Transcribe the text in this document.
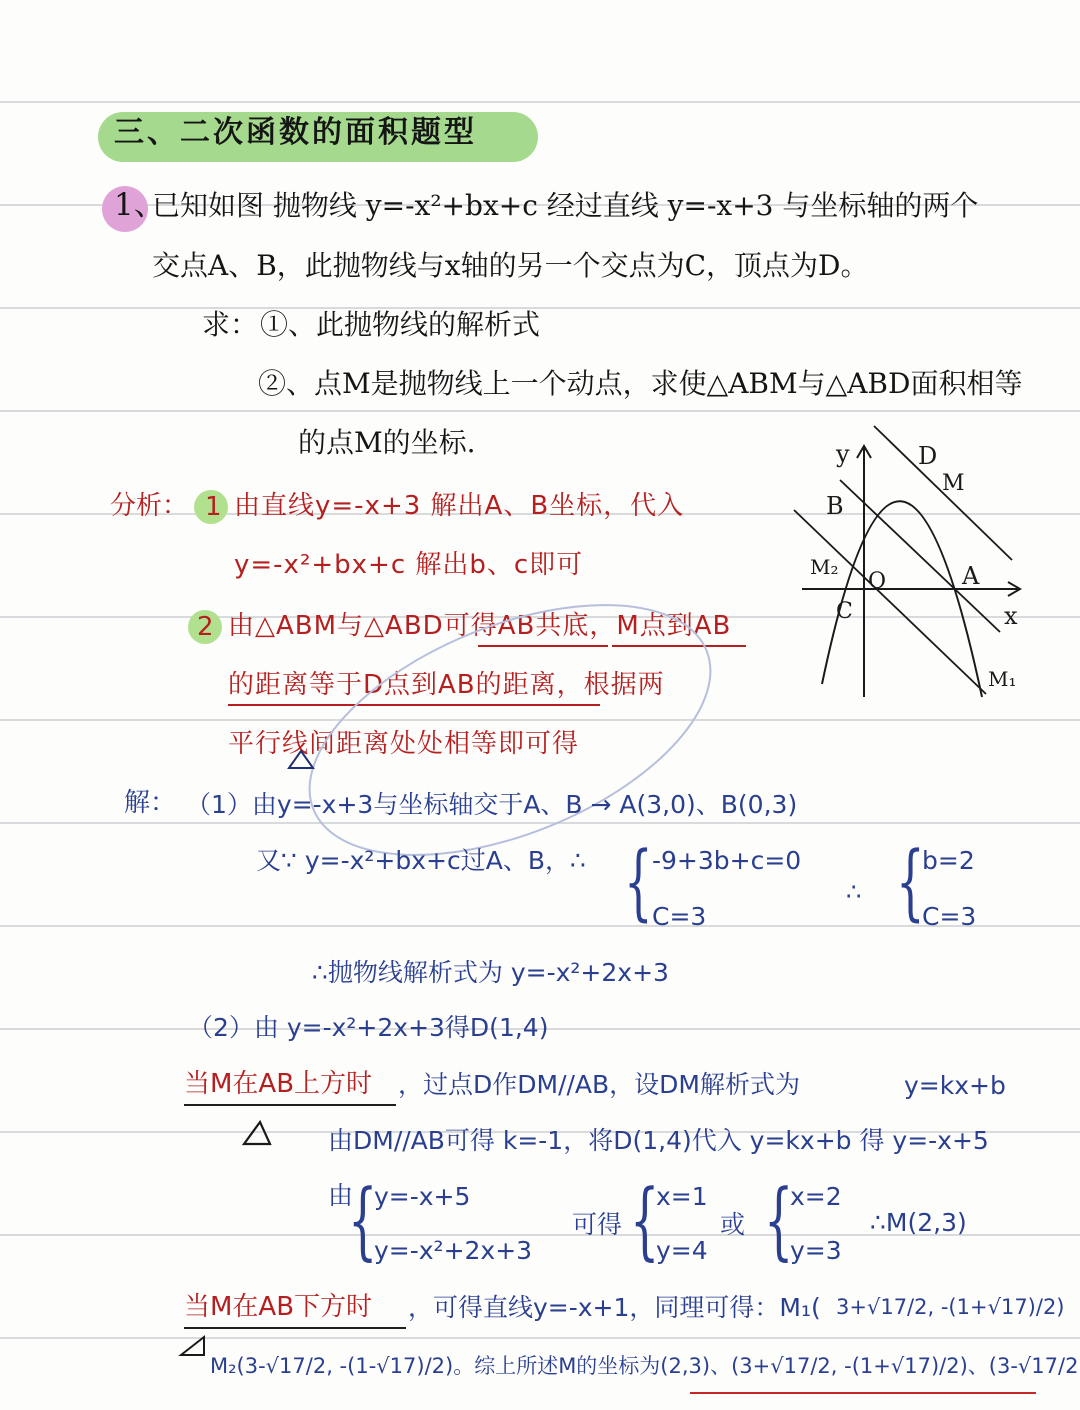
三、二次函数的面积题型
1、
已知如图 抛物线 y=-x²+bx+c 经过直线 y=-x+3 与坐标轴的两个
交点A、B，此抛物线与x轴的另一个交点为C，顶点为D。
求： ①、此抛物线的解析式
②、点M是抛物线上一个动点，求使△ABM与△ABD面积相等
的点M的坐标.	y	D
M
B
M₂
O	A
C	x
M₁
分析： 1 由直线y=-x+3 解出A、B坐标，代入
y=-x²+bx+c 解出b、c即可
2 由△ABM与△ABD可得AB共底，M点到AB
的距离等于D点到AB的距离，根据两
平行线间距离处处相等即可得
解： （1）由y=-x+3与坐标轴交于A、B → A(3,0)、B(0,3)
又∵ y=-x²+bx+c过A、B，∴ { -9+3b+c=0
C=3
∴ {
b=2
C=3
∴抛物线解析式为 y=-x²+2x+3
（2）由 y=-x²+2x+3得D(1,4)
当M在AB上方时 ，过点D作DM//AB，设DM解析式为	y=kx+b
由DM//AB可得 k=-1，将D(1,4)代入 y=kx+b 得 y=-x+5
由
{
y=-x+5
y=-x²+2x+3
可得 {
x=1
y=4
或 {
x=2
y=3
∴M(2,3)
当M在AB下方时 ，可得直线y=-x+1，同理可得：M₁( 3+√17/2, -(1+√17)/2)
M₂(3-√17/2, -(1-√17)/2)。综上所述M的坐标为(2,3)、(3+√17/2, -(1+√17)/2)、(3-√17/2
